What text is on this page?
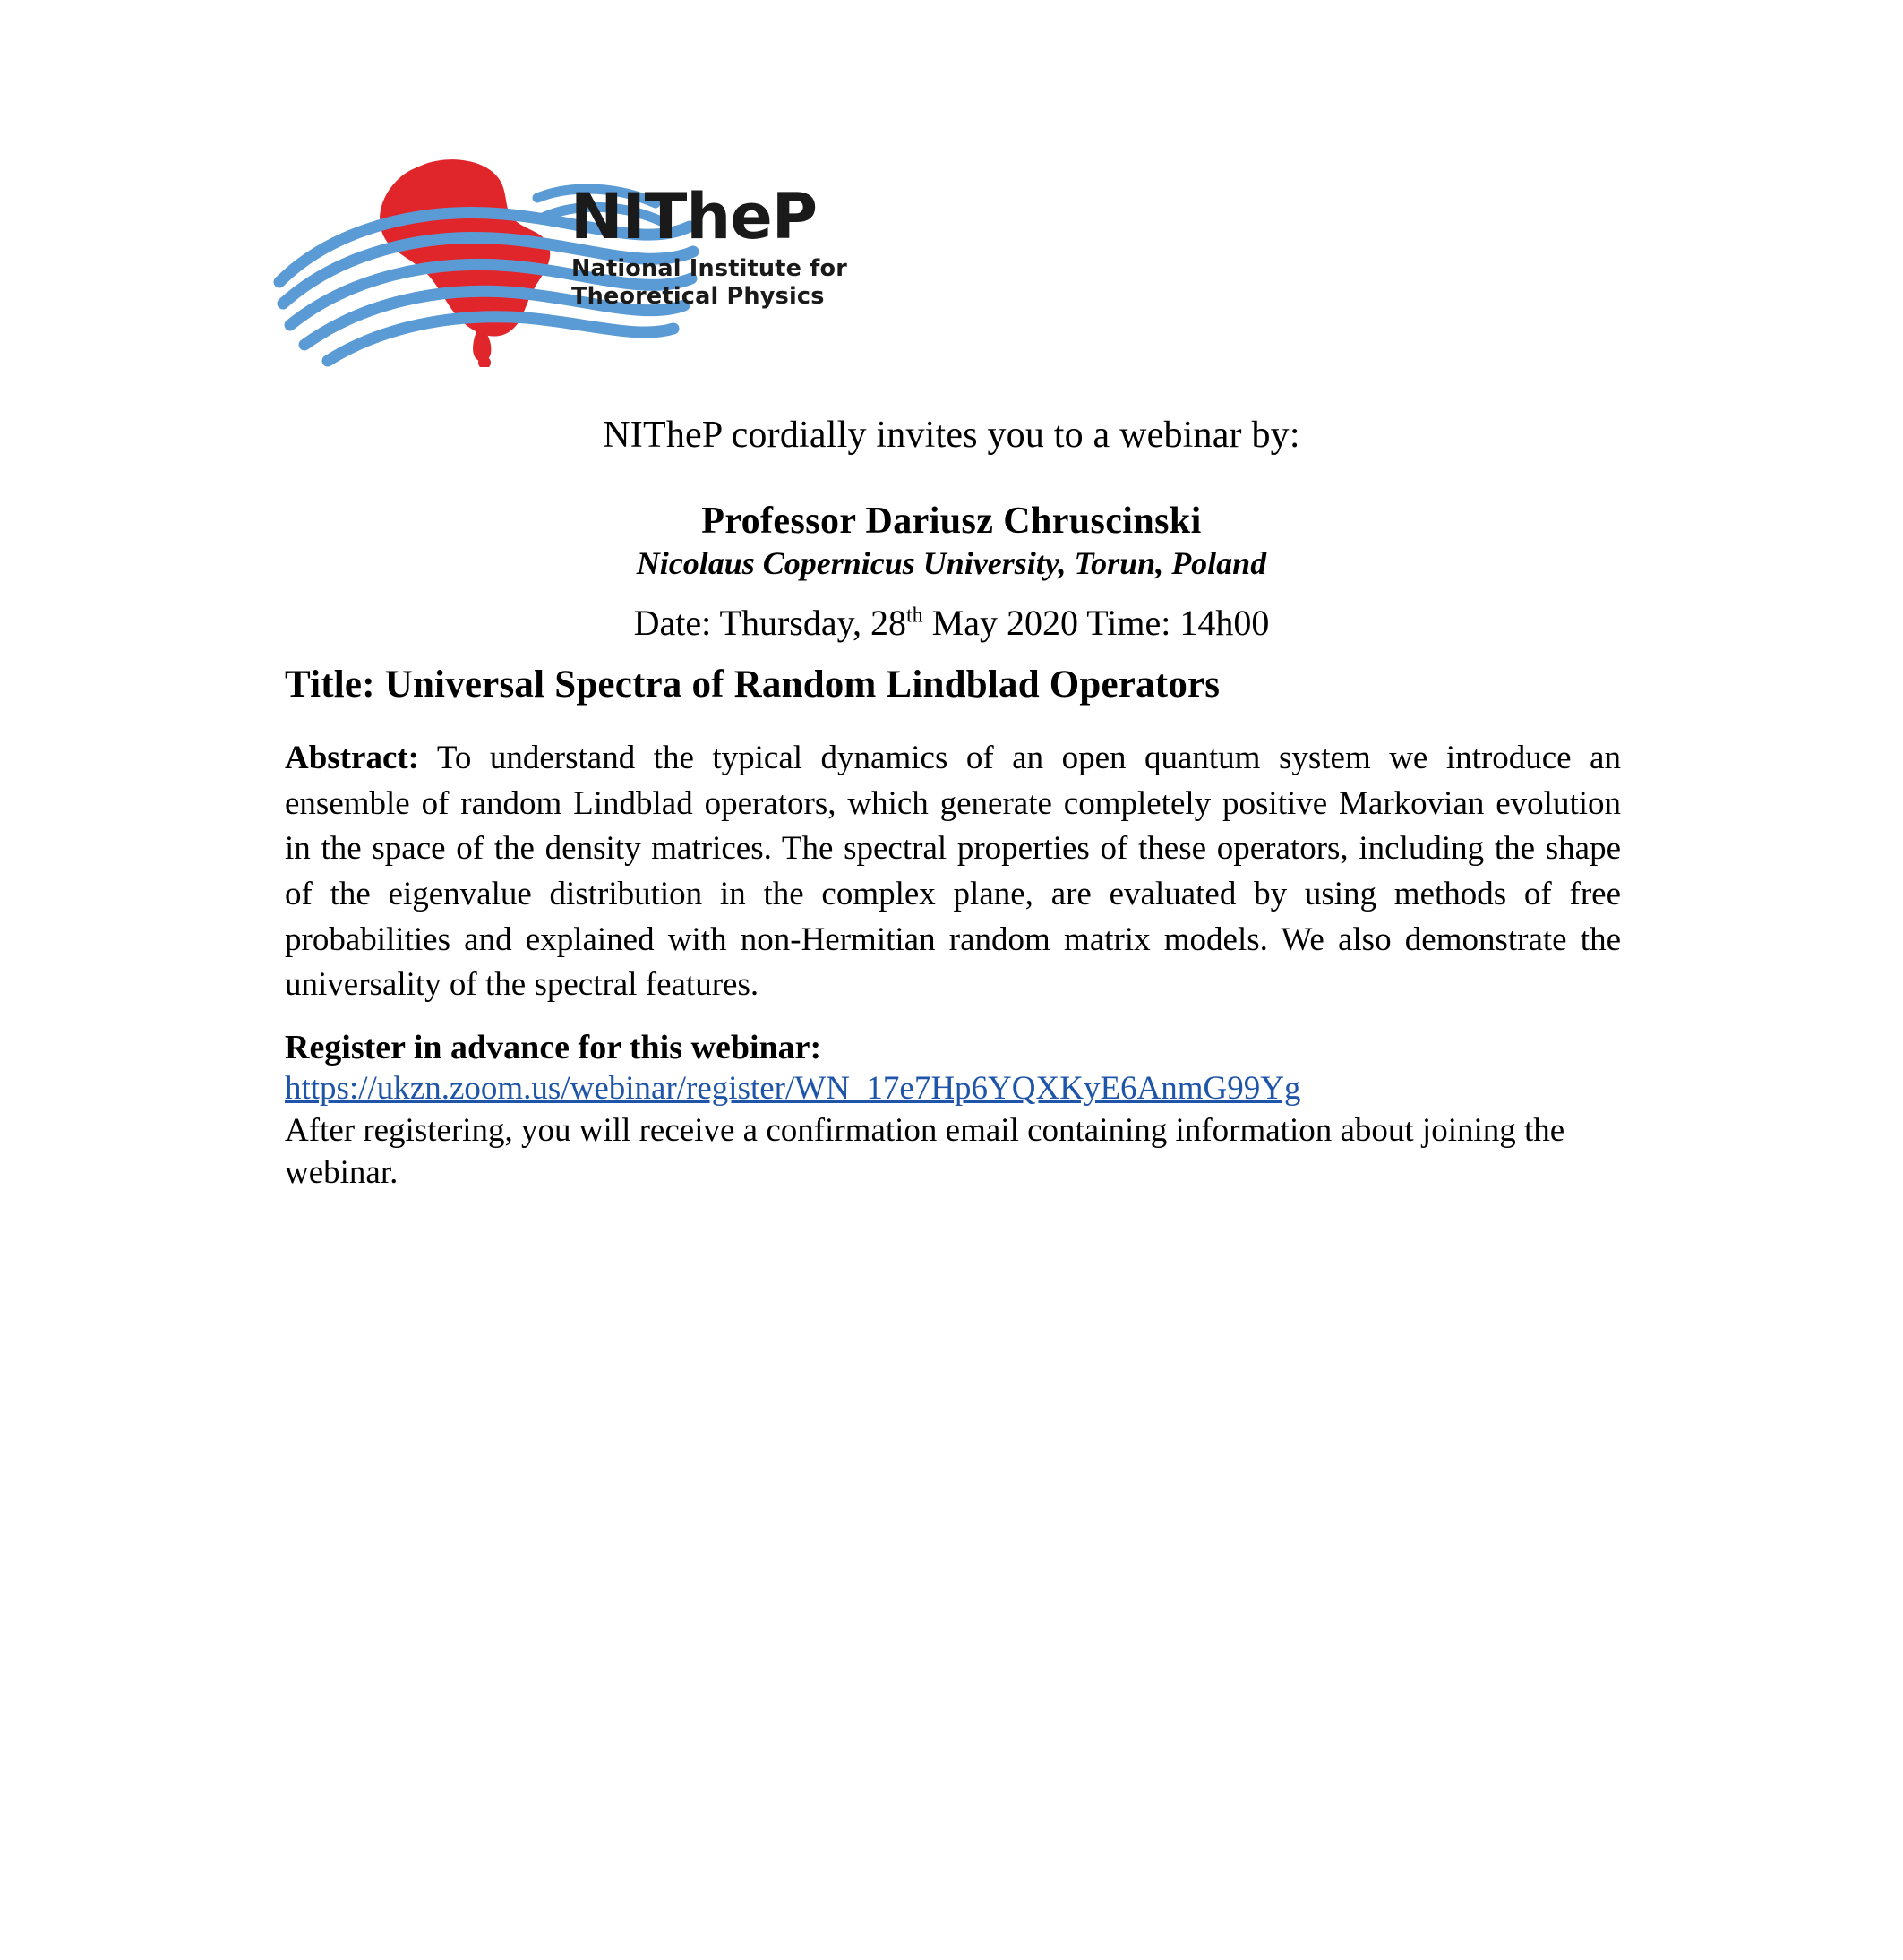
NITheP
National Institute for
Theoretical Physics
NITheP cordially invites you to a webinar by:
Professor Dariusz Chruscinski
Nicolaus Copernicus University, Torun, Poland
Date: Thursday, 28th May 2020 Time: 14h00
Title: Universal Spectra of Random Lindblad Operators
Abstract: To understand the typical dynamics of an open quantum system we introduce an ensemble of random Lindblad operators, which generate completely positive Markovian evolution in the space of the density matrices. The spectral properties of these operators, including the shape of the eigenvalue distribution in the complex plane, are evaluated by using methods of free probabilities and explained with non-Hermitian random matrix models. We also demonstrate the universality of the spectral features.
Register in advance for this webinar:
https://ukzn.zoom.us/webinar/register/WN_17e7Hp6YQXKyE6AnmG99Yg
After registering, you will receive a confirmation email containing information about joining the webinar.
